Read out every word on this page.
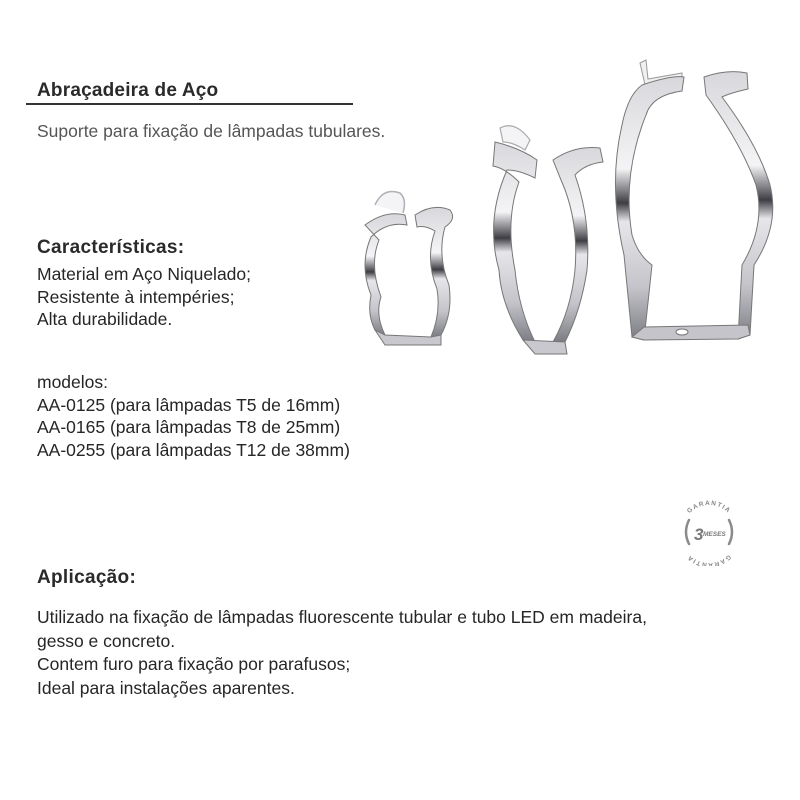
Abraçadeira de Aço
Suporte para fixação de lâmpadas tubulares.
Características:
Material em Aço Niquelado;
Resistente à intempéries;
Alta durabilidade.
modelos:
AA-0125 (para lâmpadas T5 de 16mm)
AA-0165 (para lâmpadas T8 de 25mm)
AA-0255 (para lâmpadas T12 de 38mm)
Aplicação:
Utilizado na fixação de lâmpadas fluorescente tubular e tubo LED em madeira,
gesso e concreto.
Contem furo para fixação por parafusos;
Ideal para instalações aparentes.
GARANTIA
GARANTIA
3 MESES
